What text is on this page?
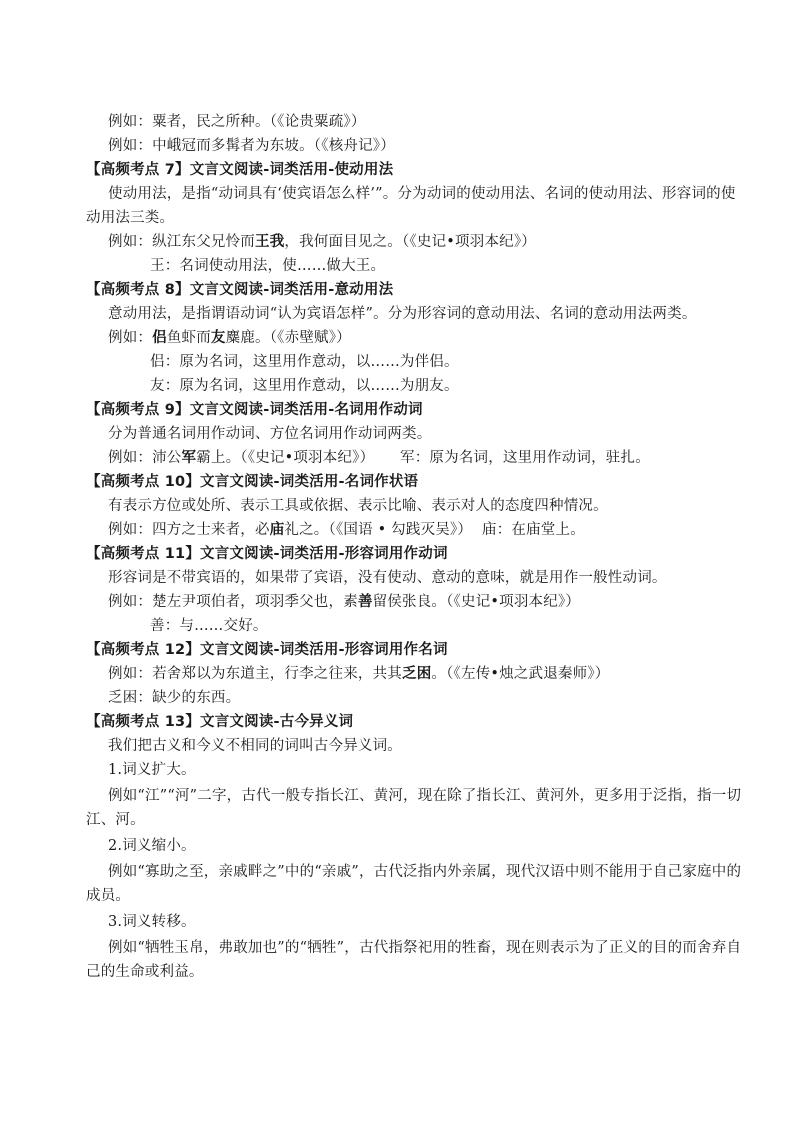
例如：粟者，民之所种。（《论贵粟疏》）
例如：中峨冠而多髯者为东坡。（《核舟记》）
【高频考点 7】文言文阅读-词类活用-使动用法
使动用法，是指“动词具有‘使宾语怎么样’”。分为动词的使动用法、名词的使动用法、形容词的使
动用法三类。
例如：纵江东父兄怜而王我，我何面目见之。（《史记•项羽本纪》）
王：名词使动用法，使……做大王。
【高频考点 8】文言文阅读-词类活用-意动用法
意动用法，是指谓语动词“认为宾语怎样”。分为形容词的意动用法、名词的意动用法两类。
例如：侣鱼虾而友麋鹿。（《赤壁赋》）
侣：原为名词，这里用作意动，以……为伴侣。
友：原为名词，这里用作意动，以……为朋友。
【高频考点 9】文言文阅读-词类活用-名词用作动词
分为普通名词用作动词、方位名词用作动词两类。
例如：沛公军霸上。（《史记•项羽本纪》） 军：原为名词，这里用作动词，驻扎。
【高频考点 10】文言文阅读-词类活用-名词作状语
有表示方位或处所、表示工具或依据、表示比喻、表示对人的态度四种情况。
例如：四方之士来者，必庙礼之。（《国语 • 勾践灭吴》） 庙：在庙堂上。
【高频考点 11】文言文阅读-词类活用-形容词用作动词
形容词是不带宾语的，如果带了宾语，没有使动、意动的意味，就是用作一般性动词。
例如：楚左尹项伯者，项羽季父也，素善留侯张良。（《史记•项羽本纪》）
善：与……交好。
【高频考点 12】文言文阅读-词类活用-形容词用作名词
例如：若舍郑以为东道主，行李之往来，共其乏困。（《左传•烛之武退秦师》）
乏困：缺少的东西。
【高频考点 13】文言文阅读-古今异义词
我们把古义和今义不相同的词叫古今异义词。
1.词义扩大。
例如“江”“河”二字，古代一般专指长江、黄河，现在除了指长江、黄河外，更多用于泛指，指一切
江、河。
2.词义缩小。
例如“寡助之至，亲戚畔之”中的“亲戚”，古代泛指内外亲属，现代汉语中则不能用于自己家庭中的
成员。
3.词义转移。
例如“牺牲玉帛，弗敢加也”的“牺牲”，古代指祭祀用的牲畜，现在则表示为了正义的目的而舍弃自
己的生命或利益。
